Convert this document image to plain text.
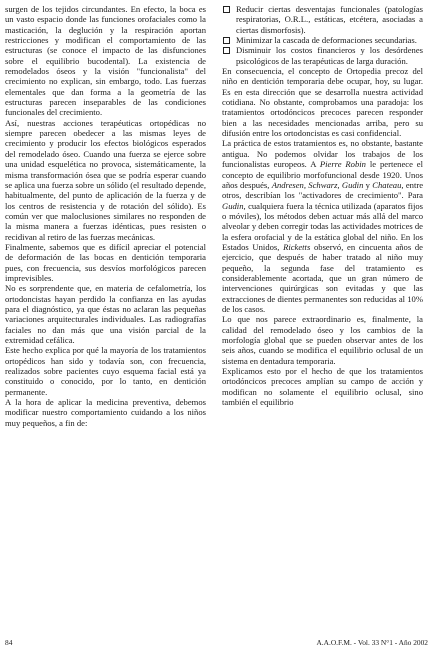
surgen de los tejidos circundantes. En efecto, la boca es un vasto espacio donde las funciones orofaciales como la masticación, la deglución y la respiración aportan restricciones y modifican el comportamiento de las estructuras (se conoce el impacto de las disfunciones sobre el equilibrio bucodental). La existencia de remodelados óseos y la visión "funcionalista" del crecimiento no explican, sin embargo, todo. Las fuerzas elementales que dan forma a la geometría de las estructuras parecen inseparables de las condiciones funcionales del crecimiento.

Así, nuestras acciones terapéuticas ortopédicas no siempre parecen obedecer a las mismas leyes de crecimiento y producir los efectos biológicos esperados del remodelado óseo. Cuando una fuerza se ejerce sobre una unidad esquelética no provoca, sistemáticamente, la misma transformación ósea que se podría esperar cuando se aplica una fuerza sobre un sólido (el resultado depende, habitualmente, del punto de aplicación de la fuerza y de los centros de resistencia y de rotación del sólido). Es común ver que maloclusiones similares no responden de la misma manera a fuerzas idénticas, pues resisten o recidivan al retiro de las fuerzas mecánicas.

Finalmente, sabemos que es difícil apreciar el potencial de deformación de las bocas en dentición temporaria pues, con frecuencia, sus desvíos morfológicos parecen imprevisibles.

No es sorprendente que, en materia de cefalometría, los ortodoncistas hayan perdido la confianza en las ayudas para el diagnóstico, ya que éstas no aclaran las pequeñas variaciones arquitecturales individuales. Las radiografías faciales no dan más que una visión parcial de la extremidad cefálica.

Este hecho explica por qué la mayoría de los tratamientos ortopédicos han sido y todavía son, con frecuencia, realizados sobre pacientes cuyo esquema facial está ya constituido o conocido, por lo tanto, en dentición permanente.

A la hora de aplicar la medicina preventiva, debemos modificar nuestro comportamiento cuidando a los niños muy pequeños, a fin de:

Reducir ciertas desventajas funcionales (patologías respiratorias, O.R.L., estáticas, etcétera, asociadas a ciertas dismorfosis).
Minimizar la cascada de deformaciones secundarias.
Disminuir los costos financieros y los desórdenes psicológicos de las terapéuticas de larga duración.

En consecuencia, el concepto de Ortopedia precoz del niño en dentición temporaria debe ocupar, hoy, su lugar. Es en esta dirección que se desarrolla nuestra actividad cotidiana. No obstante, comprobamos una paradoja: los tratamientos ortodóncicos precoces parecen responder bien a las necesidades mencionadas arriba, pero su difusión entre los ortodoncistas es casi confidencial.

La práctica de estos tratamientos es, no obstante, bastante antigua. No podemos olvidar los trabajos de los funcionalistas europeos. A Pierre Robin le pertenece el concepto de equilibrio morfofuncional desde 1920. Unos años después, Andresen, Schwarz, Gudin y Chateau, entre otros, describían los "activadores de crecimiento". Para Gudin, cualquiera fuera la técnica utilizada (aparatos fijos o móviles), los métodos deben actuar más allá del marco alveolar y deben corregir todas las actividades motrices de la esfera orofacial y de la estática global del niño. En los Estados Unidos, Ricketts observó, en cincuenta años de ejercicio, que después de haber tratado al niño muy pequeño, la segunda fase del tratamiento es considerablemente acortada, que un gran número de intervenciones quirúrgicas son evitadas y que las extracciones de dientes permanentes son reducidas al 10% de los casos.

Lo que nos parece extraordinario es, finalmente, la calidad del remodelado óseo y los cambios de la morfología global que se pueden observar antes de los seis años, cuando se modifica el equilibrio oclusal de un sistema en dentadura temporaria.

Explicamos esto por el hecho de que los tratamientos ortodóncicos precoces amplían su campo de acción y modifican no solamente el equilibrio oclusal, sino también el equilibrio

84	A.A.O.F.M. - Vol. 33 N°1 - Año 2002
